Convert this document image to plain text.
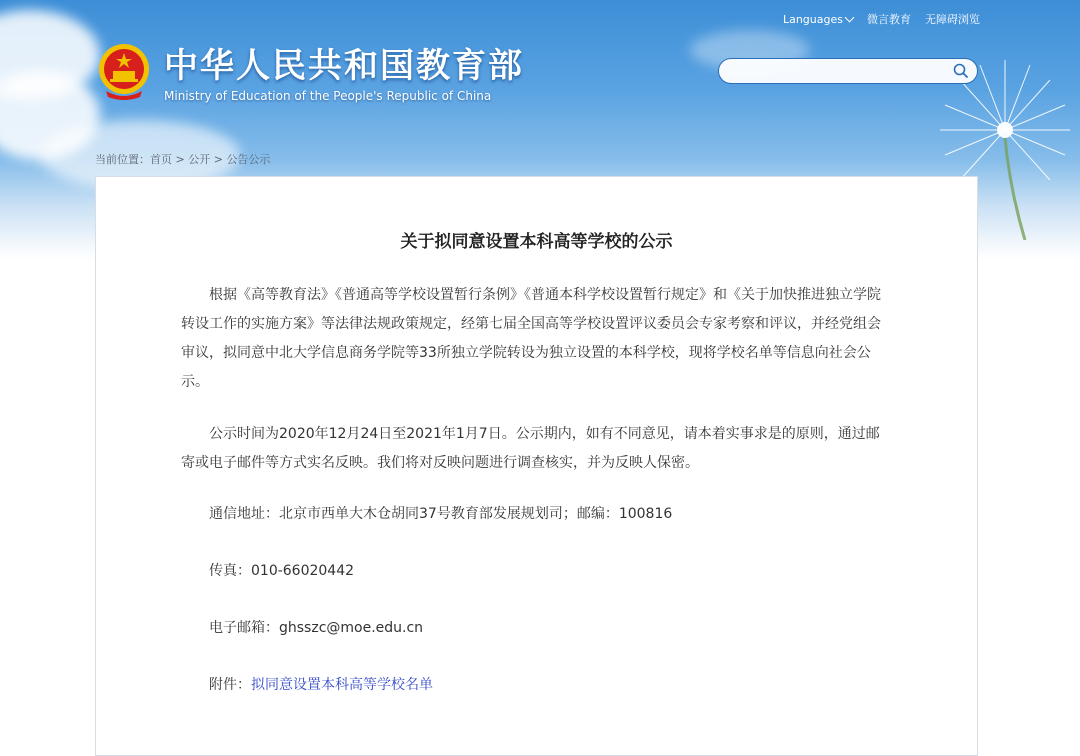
Languages 微言教育 无障碍浏览
中华人民共和国教育部
Ministry of Education of the People's Republic of China
当前位置：首页 > 公开 > 公告公示
关于拟同意设置本科高等学校的公示

根据《高等教育法》《普通高等学校设置暂行条例》《普通本科学校设置暂行规定》和《关于加快推进独立学院转设工作的实施方案》等法律法规政策规定，经第七届全国高等学校设置评议委员会专家考察和评议，并经党组会审议，拟同意中北大学信息商务学院等33所独立学院转设为独立设置的本科学校，现将学校名单等信息向社会公示。

公示时间为2020年12月24日至2021年1月7日。公示期内，如有不同意见，请本着实事求是的原则，通过邮寄或电子邮件等方式实名反映。我们将对反映问题进行调查核实，并为反映人保密。

通信地址：北京市西单大木仓胡同37号教育部发展规划司；邮编：100816

传真：010-66020442

电子邮箱：ghsszc@moe.edu.cn

附件：拟同意设置本科高等学校名单
